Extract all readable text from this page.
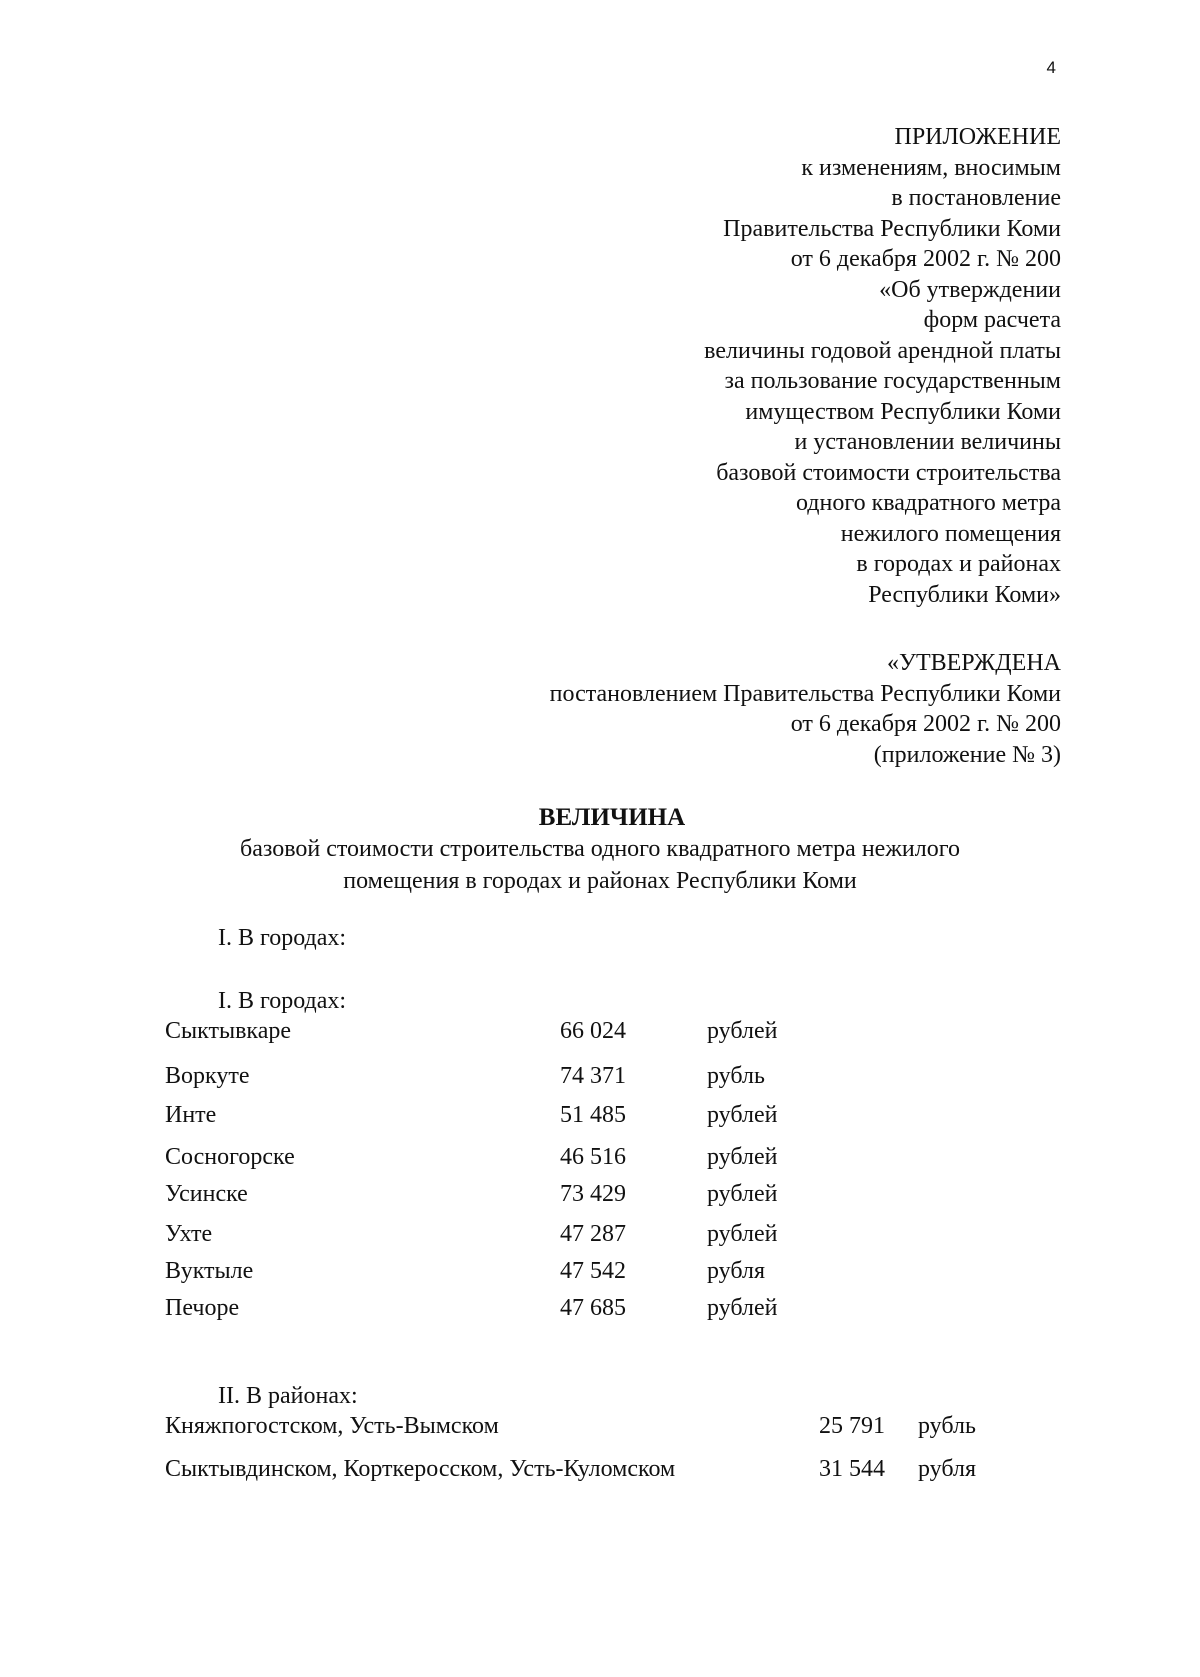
4
ПРИЛОЖЕНИЕ
к изменениям, вносимым
в постановление
Правительства Республики Коми
от 6 декабря 2002 г. № 200
«Об утверждении
форм расчета
величины годовой арендной платы
за пользование государственным
имуществом Республики Коми
и установлении величины
базовой стоимости строительства
одного квадратного метра
нежилого помещения
в городах и районах
Республики Коми»
«УТВЕРЖДЕНА
постановлением Правительства Республики Коми
от 6 декабря 2002 г. № 200
(приложение № 3)
ВЕЛИЧИНА
базовой стоимости строительства одного квадратного метра нежилого
помещения в городах и районах Республики Коми
I. В городах:
I. В городах:
Сыктывкаре	66 024	рублей
Воркуте	74 371	рубль
Инте	51 485	рублей
Сосногорске	46 516	рублей
Усинске	73 429	рублей
Ухте	47 287	рублей
Вуктыле	47 542	рубля
Печоре	47 685	рублей
II. В районах:
Княжпогостском, Усть-Вымском	25 791 рубль
Сыктывдинском, Корткеросском, Усть-Куломском	31 544 рубля
